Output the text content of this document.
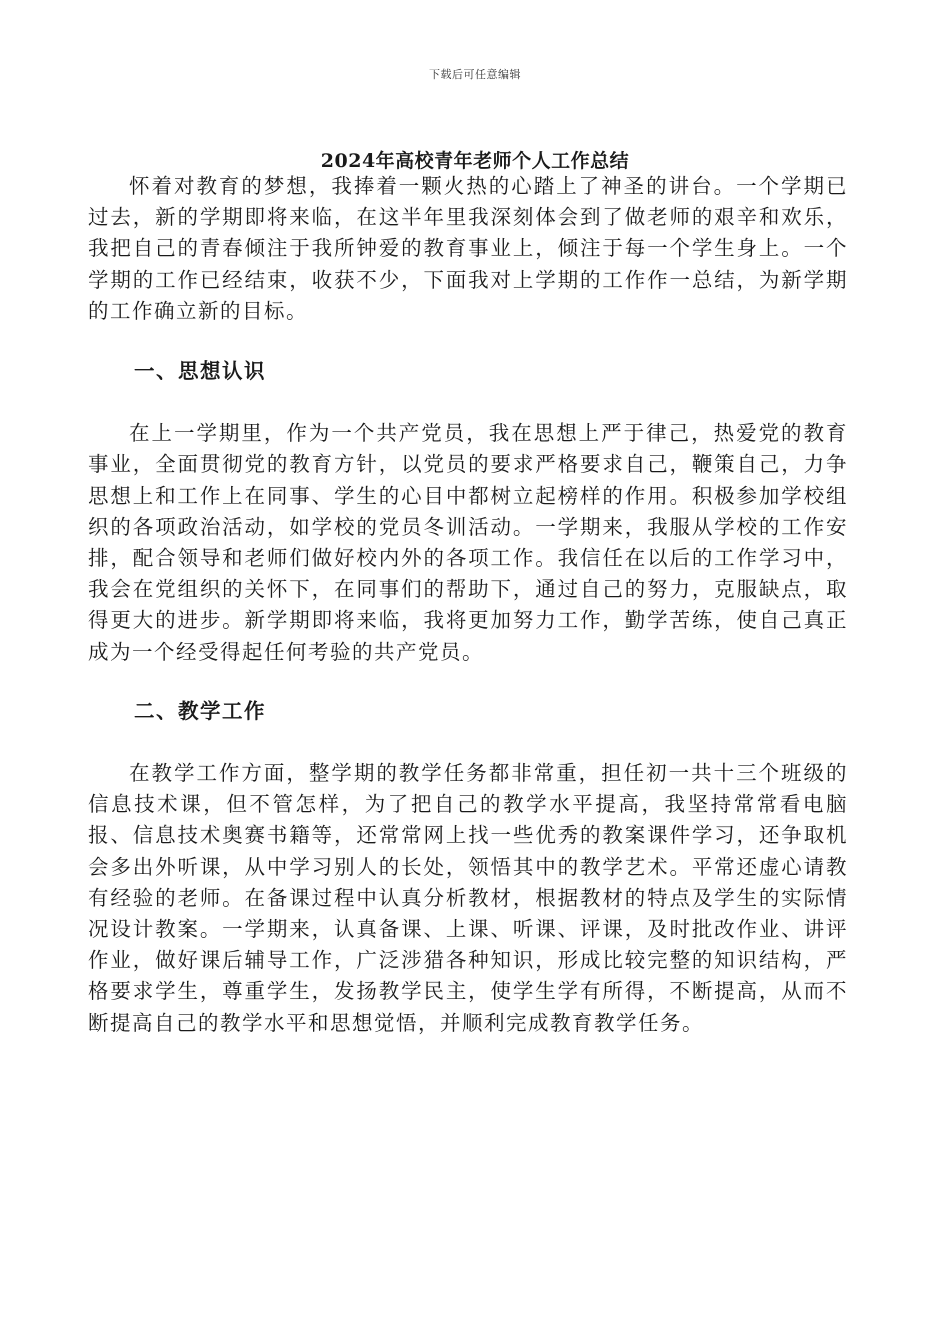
下载后可任意编辑
2024年高校青年老师个人工作总结

怀着对教育的梦想，我捧着一颗火热的心踏上了神圣的讲台。一个学期已过去，新的学期即将来临，在这半年里我深刻体会到了做老师的艰辛和欢乐，我把自己的青春倾注于我所钟爱的教育事业上，倾注于每一个学生身上。一个学期的工作已经结束，收获不少，下面我对上学期的工作作一总结，为新学期的工作确立新的目标。

一、思想认识

在上一学期里，作为一个共产党员，我在思想上严于律己，热爱党的教育事业，全面贯彻党的教育方针，以党员的要求严格要求自己，鞭策自己，力争思想上和工作上在同事、学生的心目中都树立起榜样的作用。积极参加学校组织的各项政治活动，如学校的党员冬训活动。一学期来，我服从学校的工作安排，配合领导和老师们做好校内外的各项工作。我信任在以后的工作学习中，我会在党组织的关怀下，在同事们的帮助下，通过自己的努力，克服缺点，取得更大的进步。新学期即将来临，我将更加努力工作，勤学苦练，使自己真正成为一个经受得起任何考验的共产党员。

二、教学工作

在教学工作方面，整学期的教学任务都非常重，担任初一共十三个班级的信息技术课，但不管怎样，为了把自己的教学水平提高，我坚持常常看电脑报、信息技术奥赛书籍等，还常常网上找一些优秀的教案课件学习，还争取机会多出外听课，从中学习别人的长处，领悟其中的教学艺术。平常还虚心请教有经验的老师。在备课过程中认真分析教材，根据教材的特点及学生的实际情况设计教案。一学期来，认真备课、上课、听课、评课，及时批改作业、讲评作业，做好课后辅导工作，广泛涉猎各种知识，形成比较完整的知识结构，严格要求学生，尊重学生，发扬教学民主，使学生学有所得，不断提高，从而不断提高自己的教学水平和思想觉悟，并顺利完成教育教学任务。
